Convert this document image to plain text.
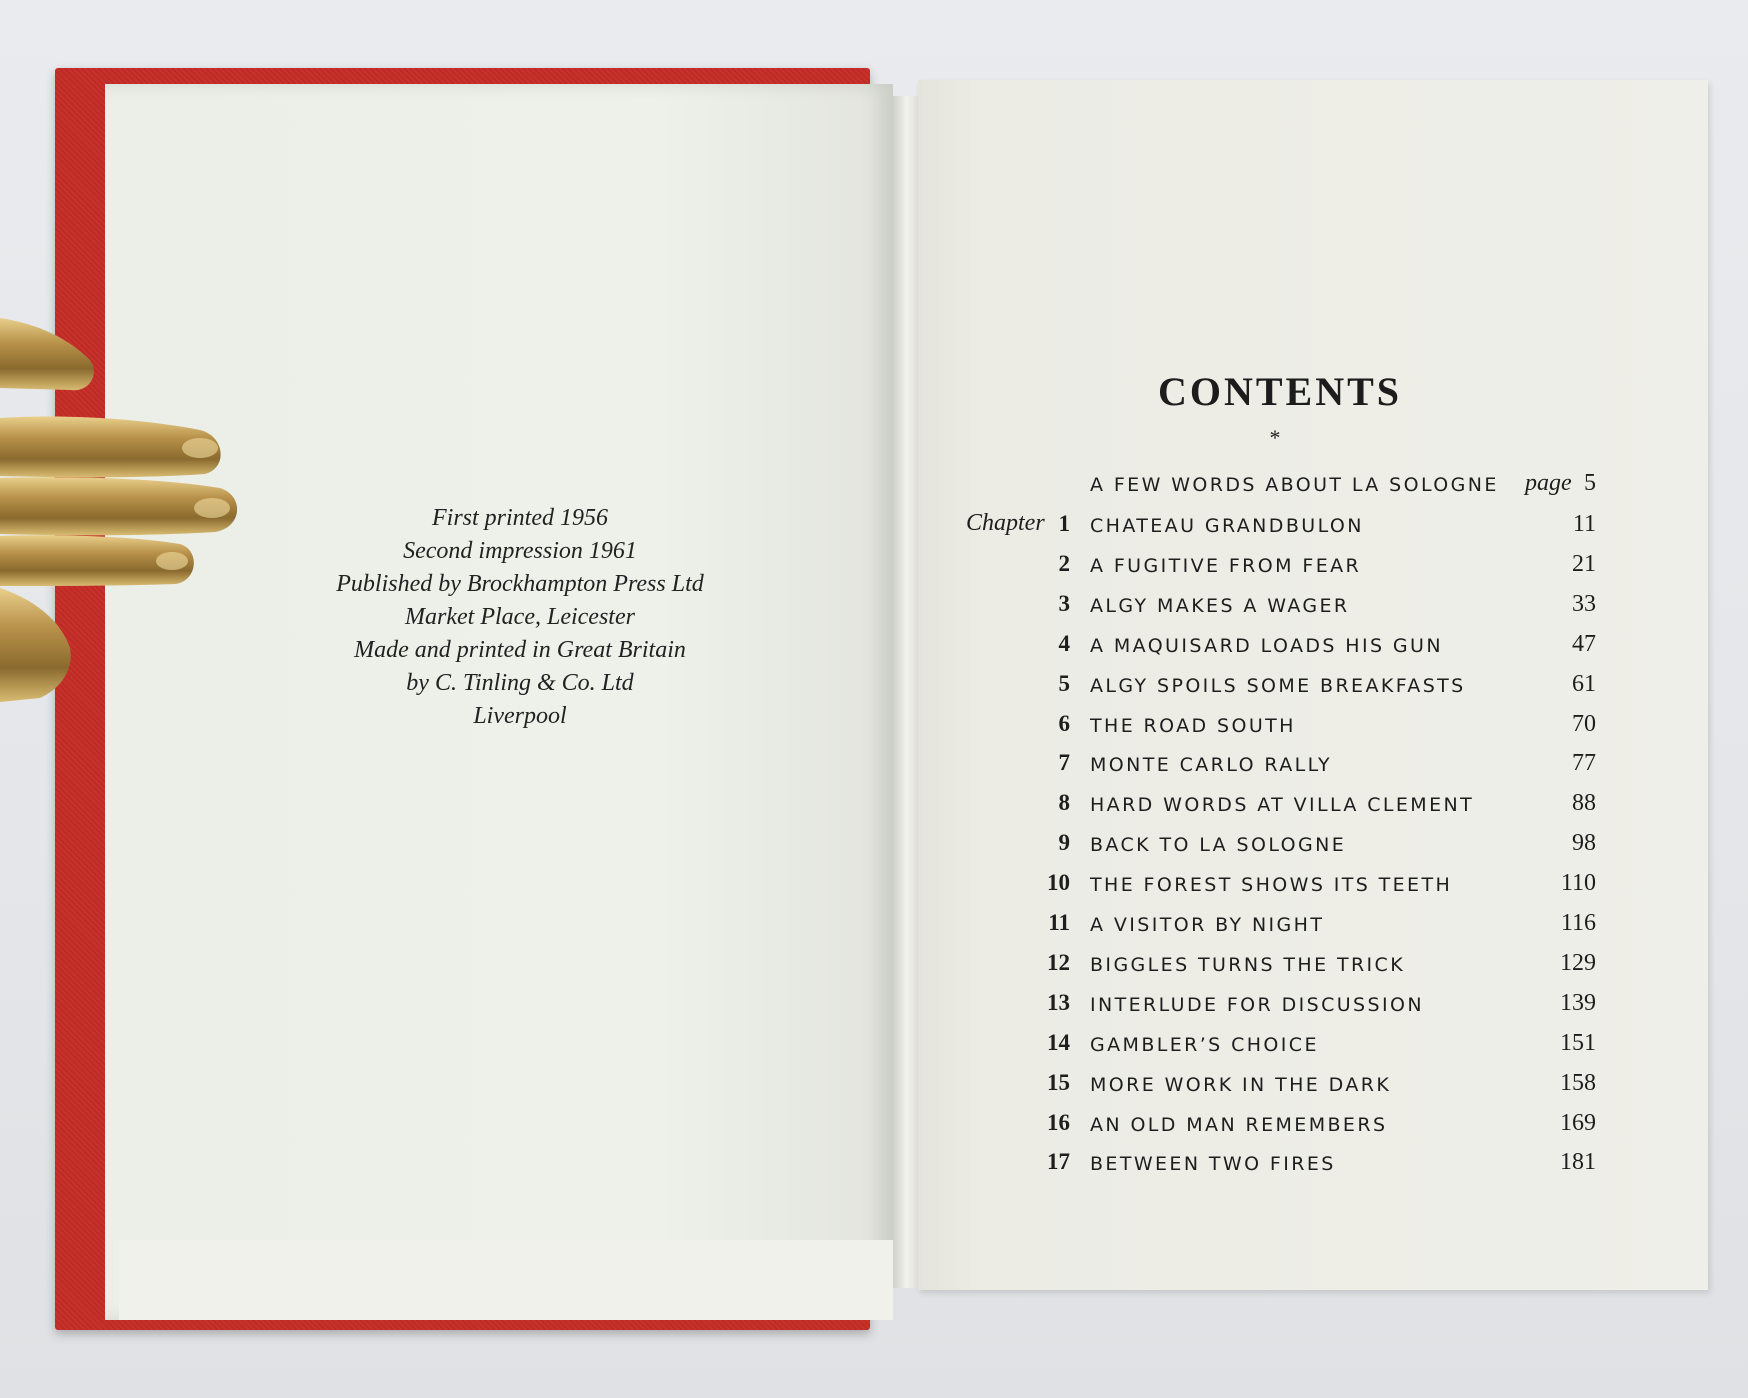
First printed 1956
Second impression 1961
Published by Brockhampton Press Ltd
Market Place, Leicester
Made and printed in Great Britain
by C. Tinling & Co. Ltd
Liverpool
CONTENTS
*
A FEW WORDS ABOUT LA SOLOGNE page 5
Chapter 1 CHATEAU GRANDBULON	11
2 A FUGITIVE FROM FEAR	21
3 ALGY MAKES A WAGER	33
4 A MAQUISARD LOADS HIS GUN	47
5 ALGY SPOILS SOME BREAKFASTS	61
6 THE ROAD SOUTH	70
7 MONTE CARLO RALLY	77
8 HARD WORDS AT VILLA CLEMENT	88
9 BACK TO LA SOLOGNE	98
10 THE FOREST SHOWS ITS TEETH	110
11 A VISITOR BY NIGHT	116
12 BIGGLES TURNS THE TRICK	129
13 INTERLUDE FOR DISCUSSION	139
14 GAMBLER’S CHOICE	151
15 MORE WORK IN THE DARK	158
16 AN OLD MAN REMEMBERS	169
17 BETWEEN TWO FIRES	181
